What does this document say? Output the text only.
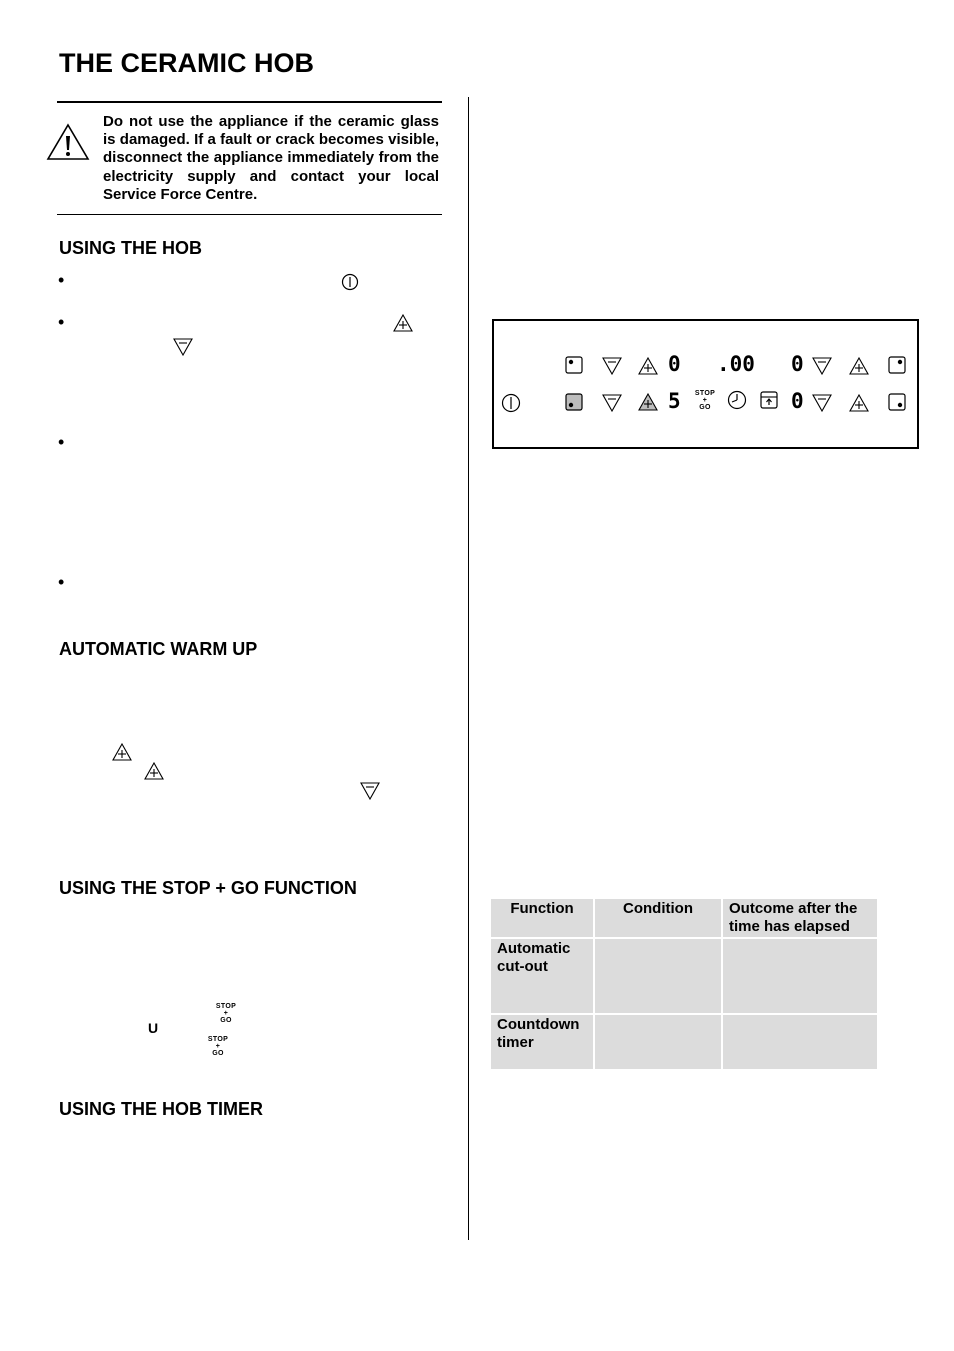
THE CERAMIC HOB
Do not use the appliance if the ceramic glass is damaged. If a fault or crack becomes visible, disconnect the appliance immediately from the electricity supply and contact your local Service Force Centre.
USING THE HOB
AUTOMATIC WARM UP
USING THE STOP + GO FUNCTION
USING THE HOB TIMER
•
•
•
•
STOP
+
GO
U
STOP
+
GO
0 .00 0
5	STOP
+
GO	0
Function	Condition	Outcome after the time has elapsed
Automatic cut-out		
Countdown timer		
